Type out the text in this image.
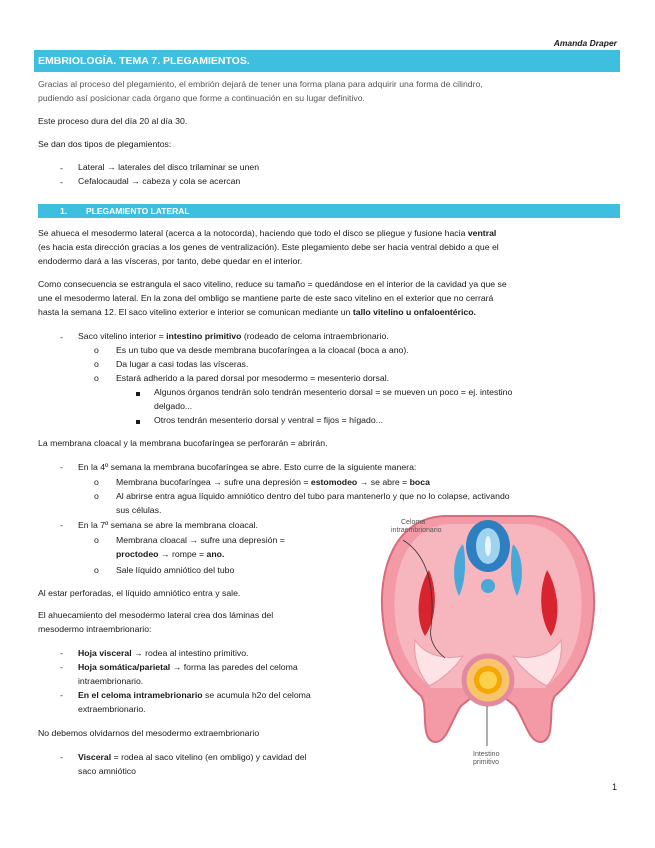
Amanda Draper
EMBRIOLOGÍA. TEMA 7. PLEGAMIENTOS.

Gracias al proceso del plegamiento, el embrión dejará de tener una forma plana para adquirir una forma de cilindro,

pudiendo así posicionar cada órgano que forme a continuación en su lugar definitivo.

Este proceso dura del día 20 al día 30.

Se dan dos tipos de plegamientos:

- Lateral → laterales del disco trilaminar se unen
- Cefalocaudal → cabeza y cola se acercan
1. PLEGAMIENTO LATERAL

Se ahueca el mesodermo lateral (acerca a la notocorda), haciendo que todo el disco se pliegue y fusione hacia ventral

(es hacia esta dirección gracias a los genes de ventralización). Este plegamiento debe ser hacia ventral debido a que el

endodermo dará a las vísceras, por tanto, debe quedar en el interior.

Como consecuencia se estrangula el saco vitelino, reduce su tamaño = quedándose en el interior de la cavidad ya que se

une el mesodermo lateral. En la zona del ombligo se mantiene parte de este saco vitelino en el exterior que no cerrará

hasta la semana 12. El saco vitelino exterior e interior se comunican mediante un tallo vitelino u onfaloentérico.

- Saco vitelino interior = intestino primitivo (rodeado de celoma intraembrionario.
o Es un tubo que va desde membrana bucofaríngea a la cloacal (boca a ano).
o Da lugar a casi todas las vísceras.
o Estará adherido a la pared dorsal por mesodermo = mesenterio dorsal.
Algunos órganos tendrán solo tendrán mesenterio dorsal = se mueven un poco = ej. intestino
delgado...
Otros tendrán mesenterio dorsal y ventral = fijos = hígado...

La membrana cloacal y la membrana bucofaríngea se perforarán = abrirán.

- En la 4º semana la membrana bucofaríngea se abre. Esto curre de la siguiente manera:
o Membrana bucofaríngea → sufre una depresión = estomodeo → se abre = boca
o Al abrirse entra agua líquido amniótico dentro del tubo para mantenerlo y que no lo colapse, activando
sus células.
- En la 7º semana se abre la membrana cloacal.
o Membrana cloacal → sufre una depresión =
proctodeo → rompe = ano.
o Sale líquido amniótico del tubo

Al estar perforadas, el líquido amniótico entra y sale.

El ahuecamiento del mesodermo lateral crea dos láminas del

mesodermo intraembrionario:

- Hoja visceral → rodea al intestino primitivo.
- Hoja somática/parietal → forma las paredes del celoma
intraembrionario.
- En el celoma intramebrionario se acumula h2o del celoma
extraembrionario.

No debemos olvidarnos del mesodermo extraembrionario

- Visceral = rodea al saco vitelino (en ombligo) y cavidad del
saco amniótico
Celoma
intraembrionario
Intestino
primitivo
1
